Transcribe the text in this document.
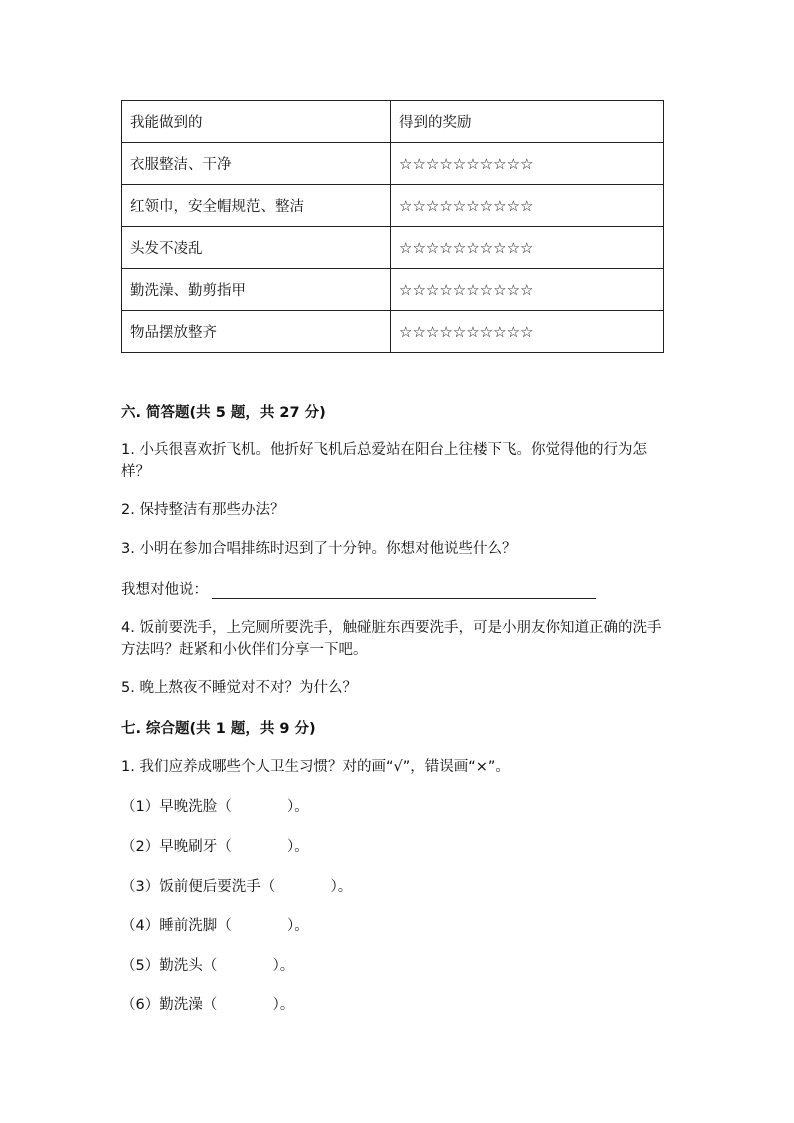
我能做到的	得到的奖励
衣服整洁、干净	☆☆☆☆☆☆☆☆☆☆
红领巾，安全帽规范、整洁	☆☆☆☆☆☆☆☆☆☆
头发不凌乱	☆☆☆☆☆☆☆☆☆☆
勤洗澡、勤剪指甲	☆☆☆☆☆☆☆☆☆☆
物品摆放整齐	☆☆☆☆☆☆☆☆☆☆
六. 简答题(共 5 题，共 27 分)
1. 小兵很喜欢折飞机。他折好飞机后总爱站在阳台上往楼下飞。你觉得他的行为怎样？
2. 保持整洁有那些办法？
3. 小明在参加合唱排练时迟到了十分钟。你想对他说些什么？
我想对他说：
4. 饭前要洗手，上完厕所要洗手，触碰脏东西要洗手，可是小朋友你知道正确的洗手方法吗？赶紧和小伙伴们分享一下吧。
5. 晚上熬夜不睡觉对不对？为什么？
七. 综合题(共 1 题，共 9 分)
1. 我们应养成哪些个人卫生习惯？对的画“√”，错误画“×”。
（1）早晚洗脸（            ）。
（2）早晚刷牙（            ）。
（3）饭前便后要洗手（            ）。
（4）睡前洗脚（            ）。
（5）勤洗头（            ）。
（6）勤洗澡（            ）。
